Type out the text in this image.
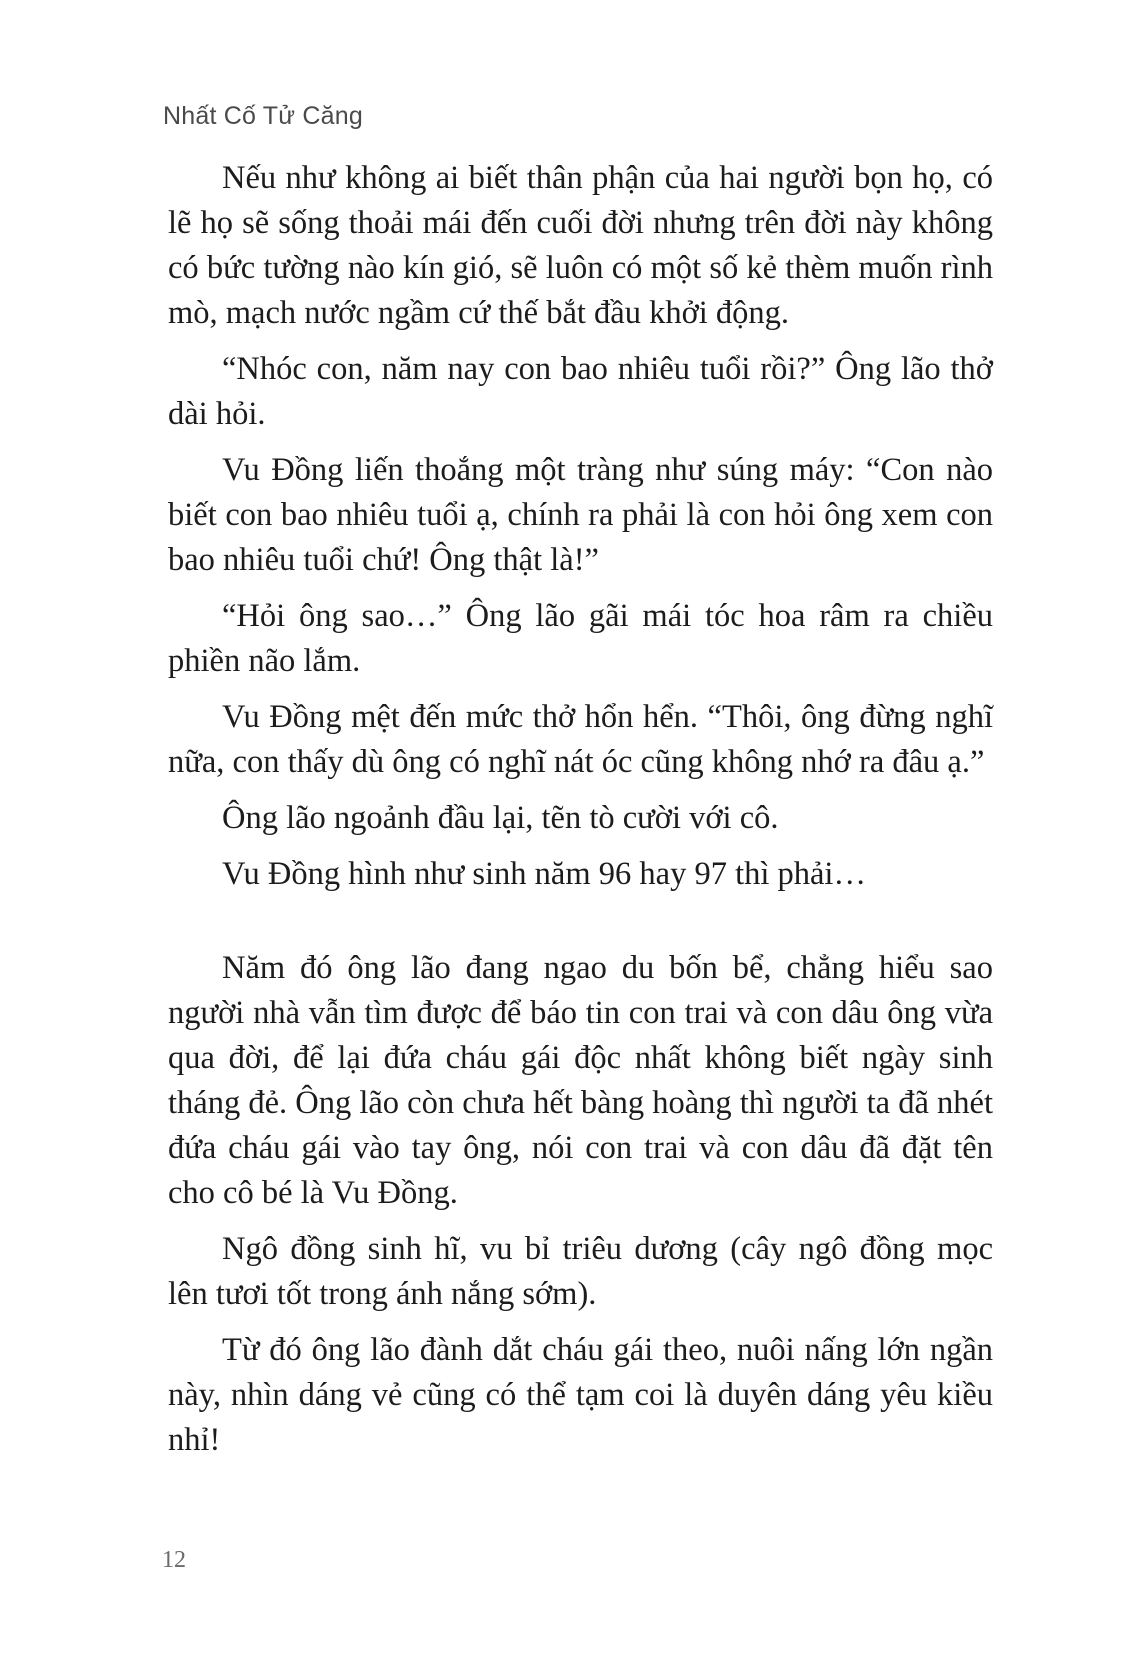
Nhất Cố Tử Căng

Nếu như không ai biết thân phận của hai người bọn họ, có lẽ họ sẽ sống thoải mái đến cuối đời nhưng trên đời này không có bức tường nào kín gió, sẽ luôn có một số kẻ thèm muốn rình mò, mạch nước ngầm cứ thế bắt đầu khởi động.

“Nhóc con, năm nay con bao nhiêu tuổi rồi?” Ông lão thở dài hỏi.

Vu Đồng liến thoắng một tràng như súng máy: “Con nào biết con bao nhiêu tuổi ạ, chính ra phải là con hỏi ông xem con bao nhiêu tuổi chứ! Ông thật là!”

“Hỏi ông sao…” Ông lão gãi mái tóc hoa râm ra chiều phiền não lắm.

Vu Đồng mệt đến mức thở hổn hển. “Thôi, ông đừng nghĩ nữa, con thấy dù ông có nghĩ nát óc cũng không nhớ ra đâu ạ.”

Ông lão ngoảnh đầu lại, tẽn tò cười với cô.

Vu Đồng hình như sinh năm 96 hay 97 thì phải…

Năm đó ông lão đang ngao du bốn bể, chẳng hiểu sao người nhà vẫn tìm được để báo tin con trai và con dâu ông vừa qua đời, để lại đứa cháu gái độc nhất không biết ngày sinh tháng đẻ. Ông lão còn chưa hết bàng hoàng thì người ta đã nhét đứa cháu gái vào tay ông, nói con trai và con dâu đã đặt tên cho cô bé là Vu Đồng.

Ngô đồng sinh hĩ, vu bỉ triêu dương (cây ngô đồng mọc lên tươi tốt trong ánh nắng sớm).

Từ đó ông lão đành dắt cháu gái theo, nuôi nấng lớn ngần này, nhìn dáng vẻ cũng có thể tạm coi là duyên dáng yêu kiều nhỉ!

12
